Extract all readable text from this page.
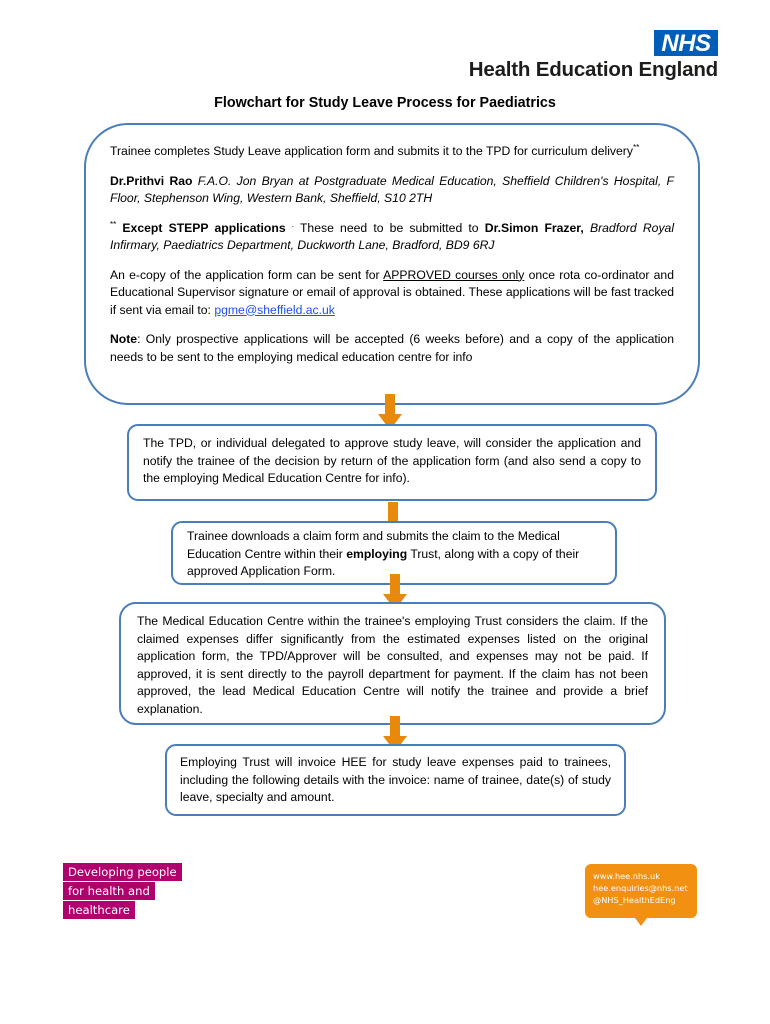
NHS
Health Education England
Flowchart for Study Leave Process for Paediatrics

Trainee completes Study Leave application form and submits it to the TPD for curriculum delivery**

Dr.Prithvi Rao F.A.O. Jon Bryan at Postgraduate Medical Education, Sheffield Children's Hospital, F Floor, Stephenson Wing, Western Bank, Sheffield, S10 2TH

** Except STEPP applications . These need to be submitted to Dr.Simon Frazer, Bradford Royal Infirmary, Paediatrics Department, Duckworth Lane, Bradford, BD9 6RJ

An e-copy of the application form can be sent for APPROVED courses only once rota co-ordinator and Educational Supervisor signature or email of approval is obtained. These applications will be fast tracked if sent via email to: pgme@sheffield.ac.uk

Note: Only prospective applications will be accepted (6 weeks before) and a copy of the application needs to be sent to the employing medical education centre for info

The TPD, or individual delegated to approve study leave, will consider the application and notify the trainee of the decision by return of the application form (and also send a copy to the employing Medical Education Centre for info).

Trainee downloads a claim form and submits the claim to the Medical Education Centre within their employing Trust, along with a copy of their approved Application Form.

The Medical Education Centre within the trainee's employing Trust considers the claim. If the claimed expenses differ significantly from the estimated expenses listed on the original application form, the TPD/Approver will be consulted, and expenses may not be paid. If approved, it is sent directly to the payroll department for payment. If the claim has not been approved, the lead Medical Education Centre will notify the trainee and provide a brief explanation.

Employing Trust will invoice HEE for study leave expenses paid to trainees, including the following details with the invoice: name of trainee, date(s) of study leave, specialty and amount.

Developing people
for health and
healthcare
www.hee.nhs.uk
hee.enquiries@nhs.net
@NHS_HealthEdEng
